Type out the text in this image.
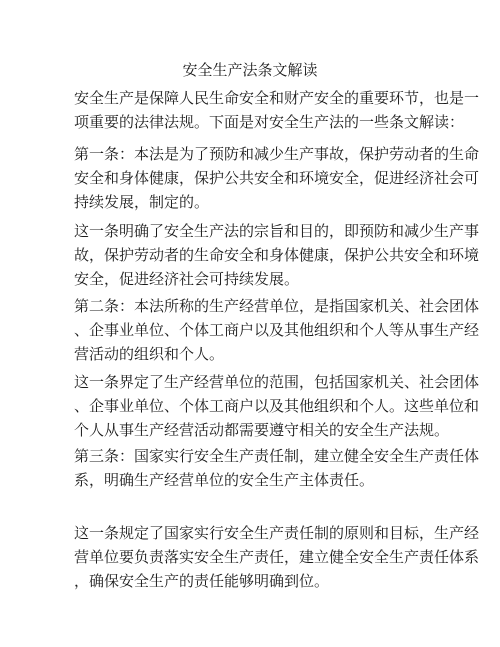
安全生产法条文解读

安全生产是保障人民生命安全和财产安全的重要环节，也是一
项重要的法律法规。下面是对安全生产法的一些条文解读：

第一条：本法是为了预防和减少生产事故，保护劳动者的生命
安全和身体健康，保护公共安全和环境安全，促进经济社会可
持续发展，制定的。

这一条明确了安全生产法的宗旨和目的，即预防和减少生产事
故，保护劳动者的生命安全和身体健康，保护公共安全和环境
安全，促进经济社会可持续发展。

第二条：本法所称的生产经营单位，是指国家机关、社会团体
、企事业单位、个体工商户以及其他组织和个人等从事生产经
营活动的组织和个人。

这一条界定了生产经营单位的范围，包括国家机关、社会团体
、企事业单位、个体工商户以及其他组织和个人。这些单位和
个人从事生产经营活动都需要遵守相关的安全生产法规。

第三条：国家实行安全生产责任制，建立健全安全生产责任体
系，明确生产经营单位的安全生产主体责任。

这一条规定了国家实行安全生产责任制的原则和目标，生产经
营单位要负责落实安全生产责任，建立健全安全生产责任体系
，确保安全生产的责任能够明确到位。
